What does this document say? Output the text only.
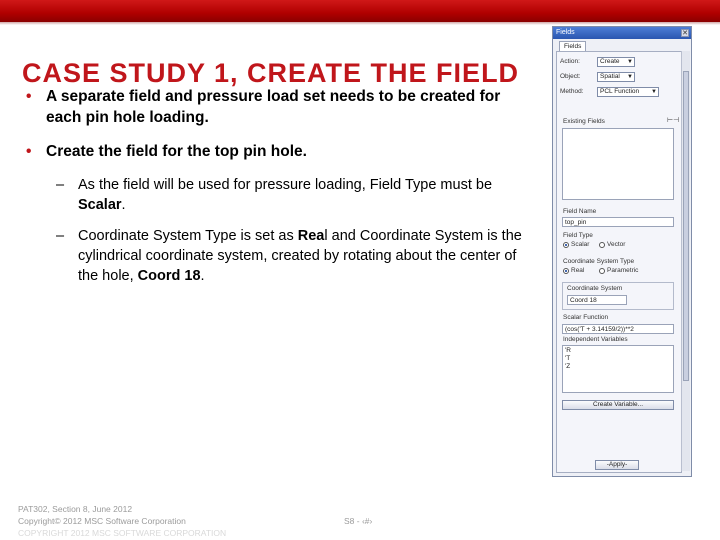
CASE STUDY 1, CREATE THE FIELD
• A separate field and pressure load set needs to be created for each pin hole loading.
• Create the field for the top pin hole.
– As the field will be used for pressure loading, Field Type must be Scalar.
– Coordinate System Type is set as Real and Coordinate System is the cylindrical coordinate system, created by rotating about the center of the hole, Coord 18.
Fields	✕
Fields
Action:	Create ▼
Object:	Spatial ▼
Method:	PCL Function ▼
Existing Fields	⊢⊣
Field Name
top_pin
Field Type
Scalar	Vector
Coordinate System Type
Real	Parametric
Coordinate System
Coord 18
Scalar Function
(cos('T + 3.14159/2))**2
Independent Variables
'R
'T
'Z
Create Variable...
-Apply-
PAT302, Section 8, June 2012
Copyright© 2012 MSC Software Corporation
COPYRIGHT 2012 MSC SOFTWARE CORPORATION
S8 - ‹#›
